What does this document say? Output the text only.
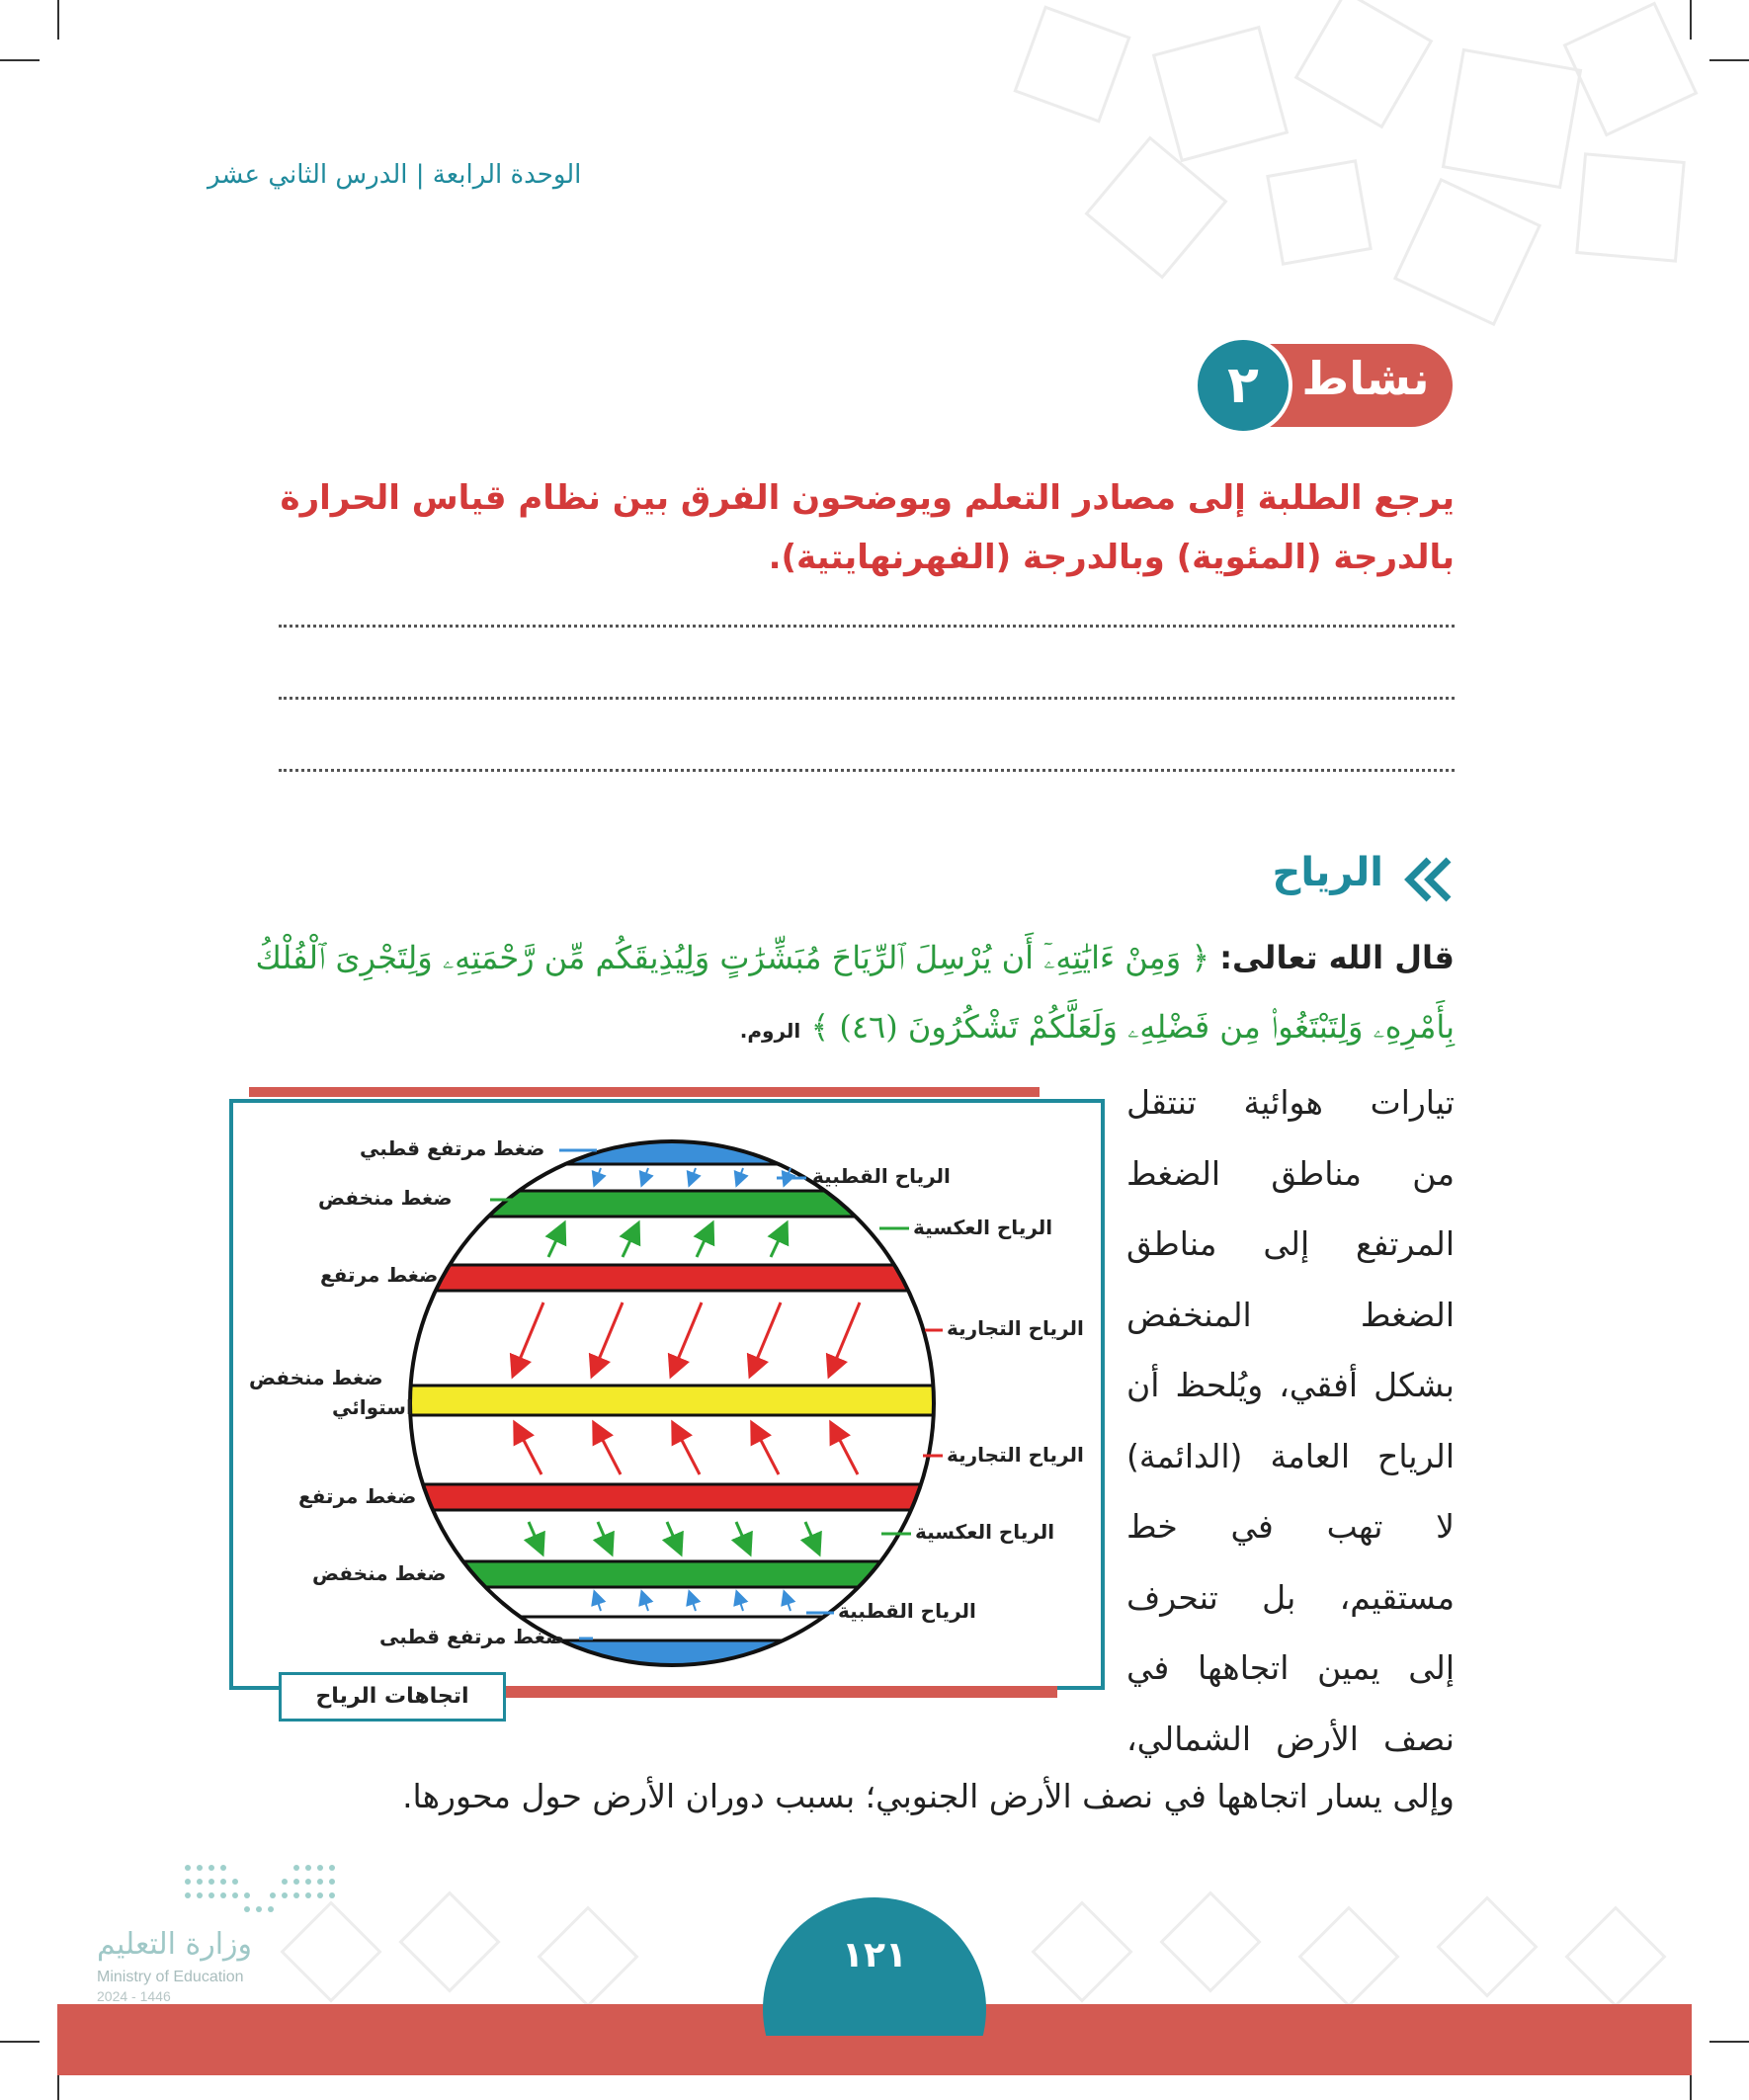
الوحدة الرابعة | الدرس الثاني عشر
نشاط
٢
يرجع الطلبة إلى مصادر التعلم ويوضحون الفرق بين نظام قياس الحرارة بالدرجة (المئوية) وبالدرجة (الفهرنهايتية).
الرياح
قال الله تعالى: ﴿ وَمِنْ ءَايَٰتِهِۦٓ أَن يُرْسِلَ ٱلرِّيَاحَ مُبَشِّرَٰتٍ وَلِيُذِيقَكُم مِّن رَّحْمَتِهِۦ وَلِتَجْرِىَ ٱلْفُلْكُ بِأَمْرِهِۦ وَلِتَبْتَغُوا۟ مِن فَضْلِهِۦ وَلَعَلَّكُمْ تَشْكُرُونَ (٤٦) ﴾ الروم.
تيارات هوائية تنتقل
من مناطق الضغط
المرتفع إلى مناطق
الضغط المنخفض
بشكل أفقي، ويُلحظ أن
الرياح العامة (الدائمة)
لا تهب في خط
مستقيم، بل تنحرف
إلى يمين اتجاهها في
نصف الأرض الشمالي،
وإلى يسار اتجاهها في نصف الأرض الجنوبي؛ بسبب دوران الأرض حول محورها.
ضغط مرتفع قطبي
ضغط منخفض
ضغط مرتفع
ضغط منخفض
استوائي
ضغط مرتفع
ضغط منخفض
ضغط مرتفع قطبى
الرياح القطبية
الرياح العكسية
الرياح التجارية
الرياح التجارية
الرياح العكسية
الرياح القطبية
اتجاهات الرياح
وزارة التعليم
Ministry of Education
2024 - 1446
١٢١
